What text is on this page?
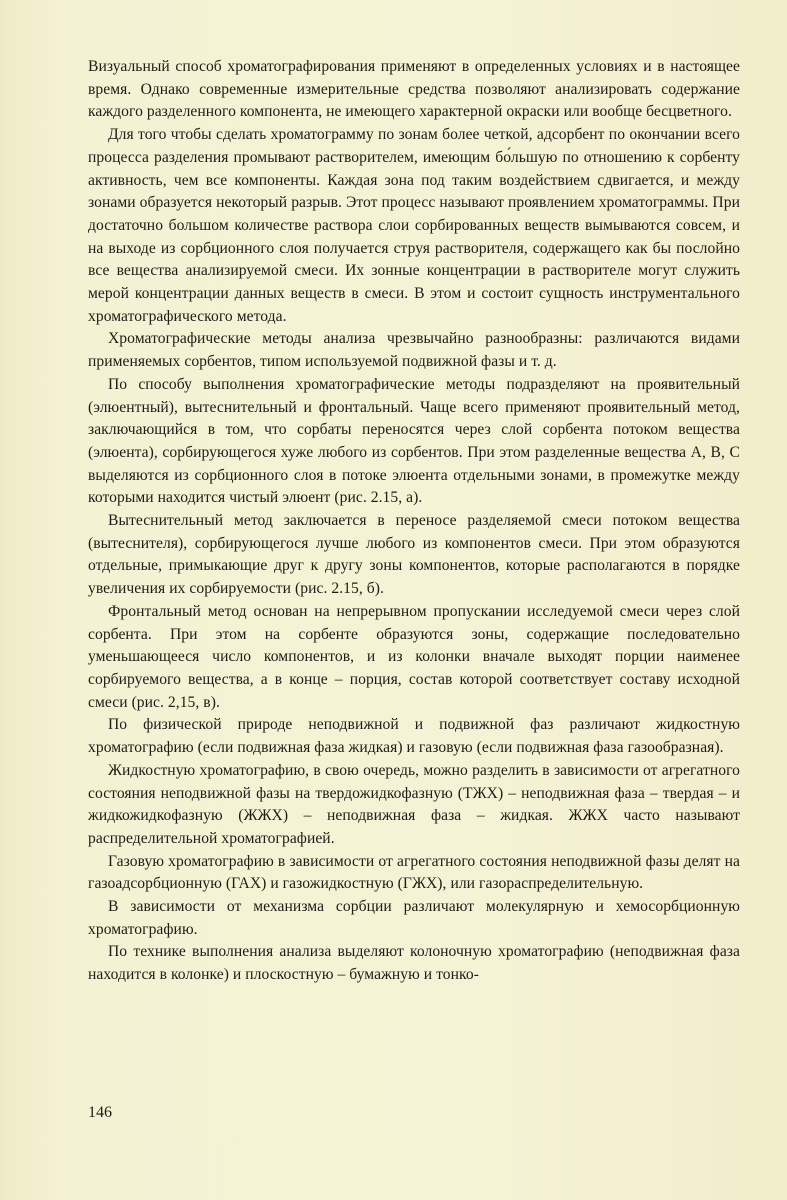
Визуальный способ хроматографирования применяют в определенных условиях и в настоящее время. Однако современные измерительные средства позволяют анализировать содержание каждого разделенного компонента, не имеющего характерной окраски или вообще бесцветного.

Для того чтобы сделать хроматограмму по зонам более четкой, адсорбент по окончании всего процесса разделения промывают растворителем, имеющим бо́льшую по отношению к сорбенту активность, чем все компоненты. Каждая зона под таким воздействием сдвигается, и между зонами образуется некоторый разрыв. Этот процесс называют проявлением хроматограммы. При достаточно большом количестве раствора слои сорбированных веществ вымываются совсем, и на выходе из сорбционного слоя получается струя растворителя, содержащего как бы послойно все вещества анализируемой смеси. Их зонные концентрации в растворителе могут служить мерой концентрации данных веществ в смеси. В этом и состоит сущность инструментального хроматографического метода.

Хроматографические методы анализа чрезвычайно разнообразны: различаются видами применяемых сорбентов, типом используемой подвижной фазы и т. д.

По способу выполнения хроматографические методы подразделяют на проявительный (элюентный), вытеснительный и фронтальный. Чаще всего применяют проявительный метод, заключающийся в том, что сорбаты переносятся через слой сорбента потоком вещества (элюента), сорбирующегося хуже любого из сорбентов. При этом разделенные вещества A, B, C выделяются из сорбционного слоя в потоке элюента отдельными зонами, в промежутке между которыми находится чистый элюент (рис. 2.15, а).

Вытеснительный метод заключается в переносе разделяемой смеси потоком вещества (вытеснителя), сорбирующегося лучше любого из компонентов смеси. При этом образуются отдельные, примыкающие друг к другу зоны компонентов, которые располагаются в порядке увеличения их сорбируемости (рис. 2.15, б).

Фронтальный метод основан на непрерывном пропускании исследуемой смеси через слой сорбента. При этом на сорбенте образуются зоны, содержащие последовательно уменьшающееся число компонентов, и из колонки вначале выходят порции наименее сорбируемого вещества, а в конце – порция, состав которой соответствует составу исходной смеси (рис. 2,15, в).

По физической природе неподвижной и подвижной фаз различают жидкостную хроматографию (если подвижная фаза жидкая) и газовую (если подвижная фаза газообразная).

Жидкостную хроматографию, в свою очередь, можно разделить в зависимости от агрегатного состояния неподвижной фазы на твердожидкофазную (ТЖХ) – неподвижная фаза – твердая – и жидкожидкофазную (ЖЖХ) – неподвижная фаза – жидкая. ЖЖХ часто называют распределительной хроматографией.

Газовую хроматографию в зависимости от агрегатного состояния неподвижной фазы делят на газоадсорбционную (ГАХ) и газожидкостную (ГЖХ), или газораспределительную.

В зависимости от механизма сорбции различают молекулярную и хемосорбционную хроматографию.

По технике выполнения анализа выделяют колоночную хроматографию (неподвижная фаза находится в колонке) и плоскостную – бумажную и тонко-

146
